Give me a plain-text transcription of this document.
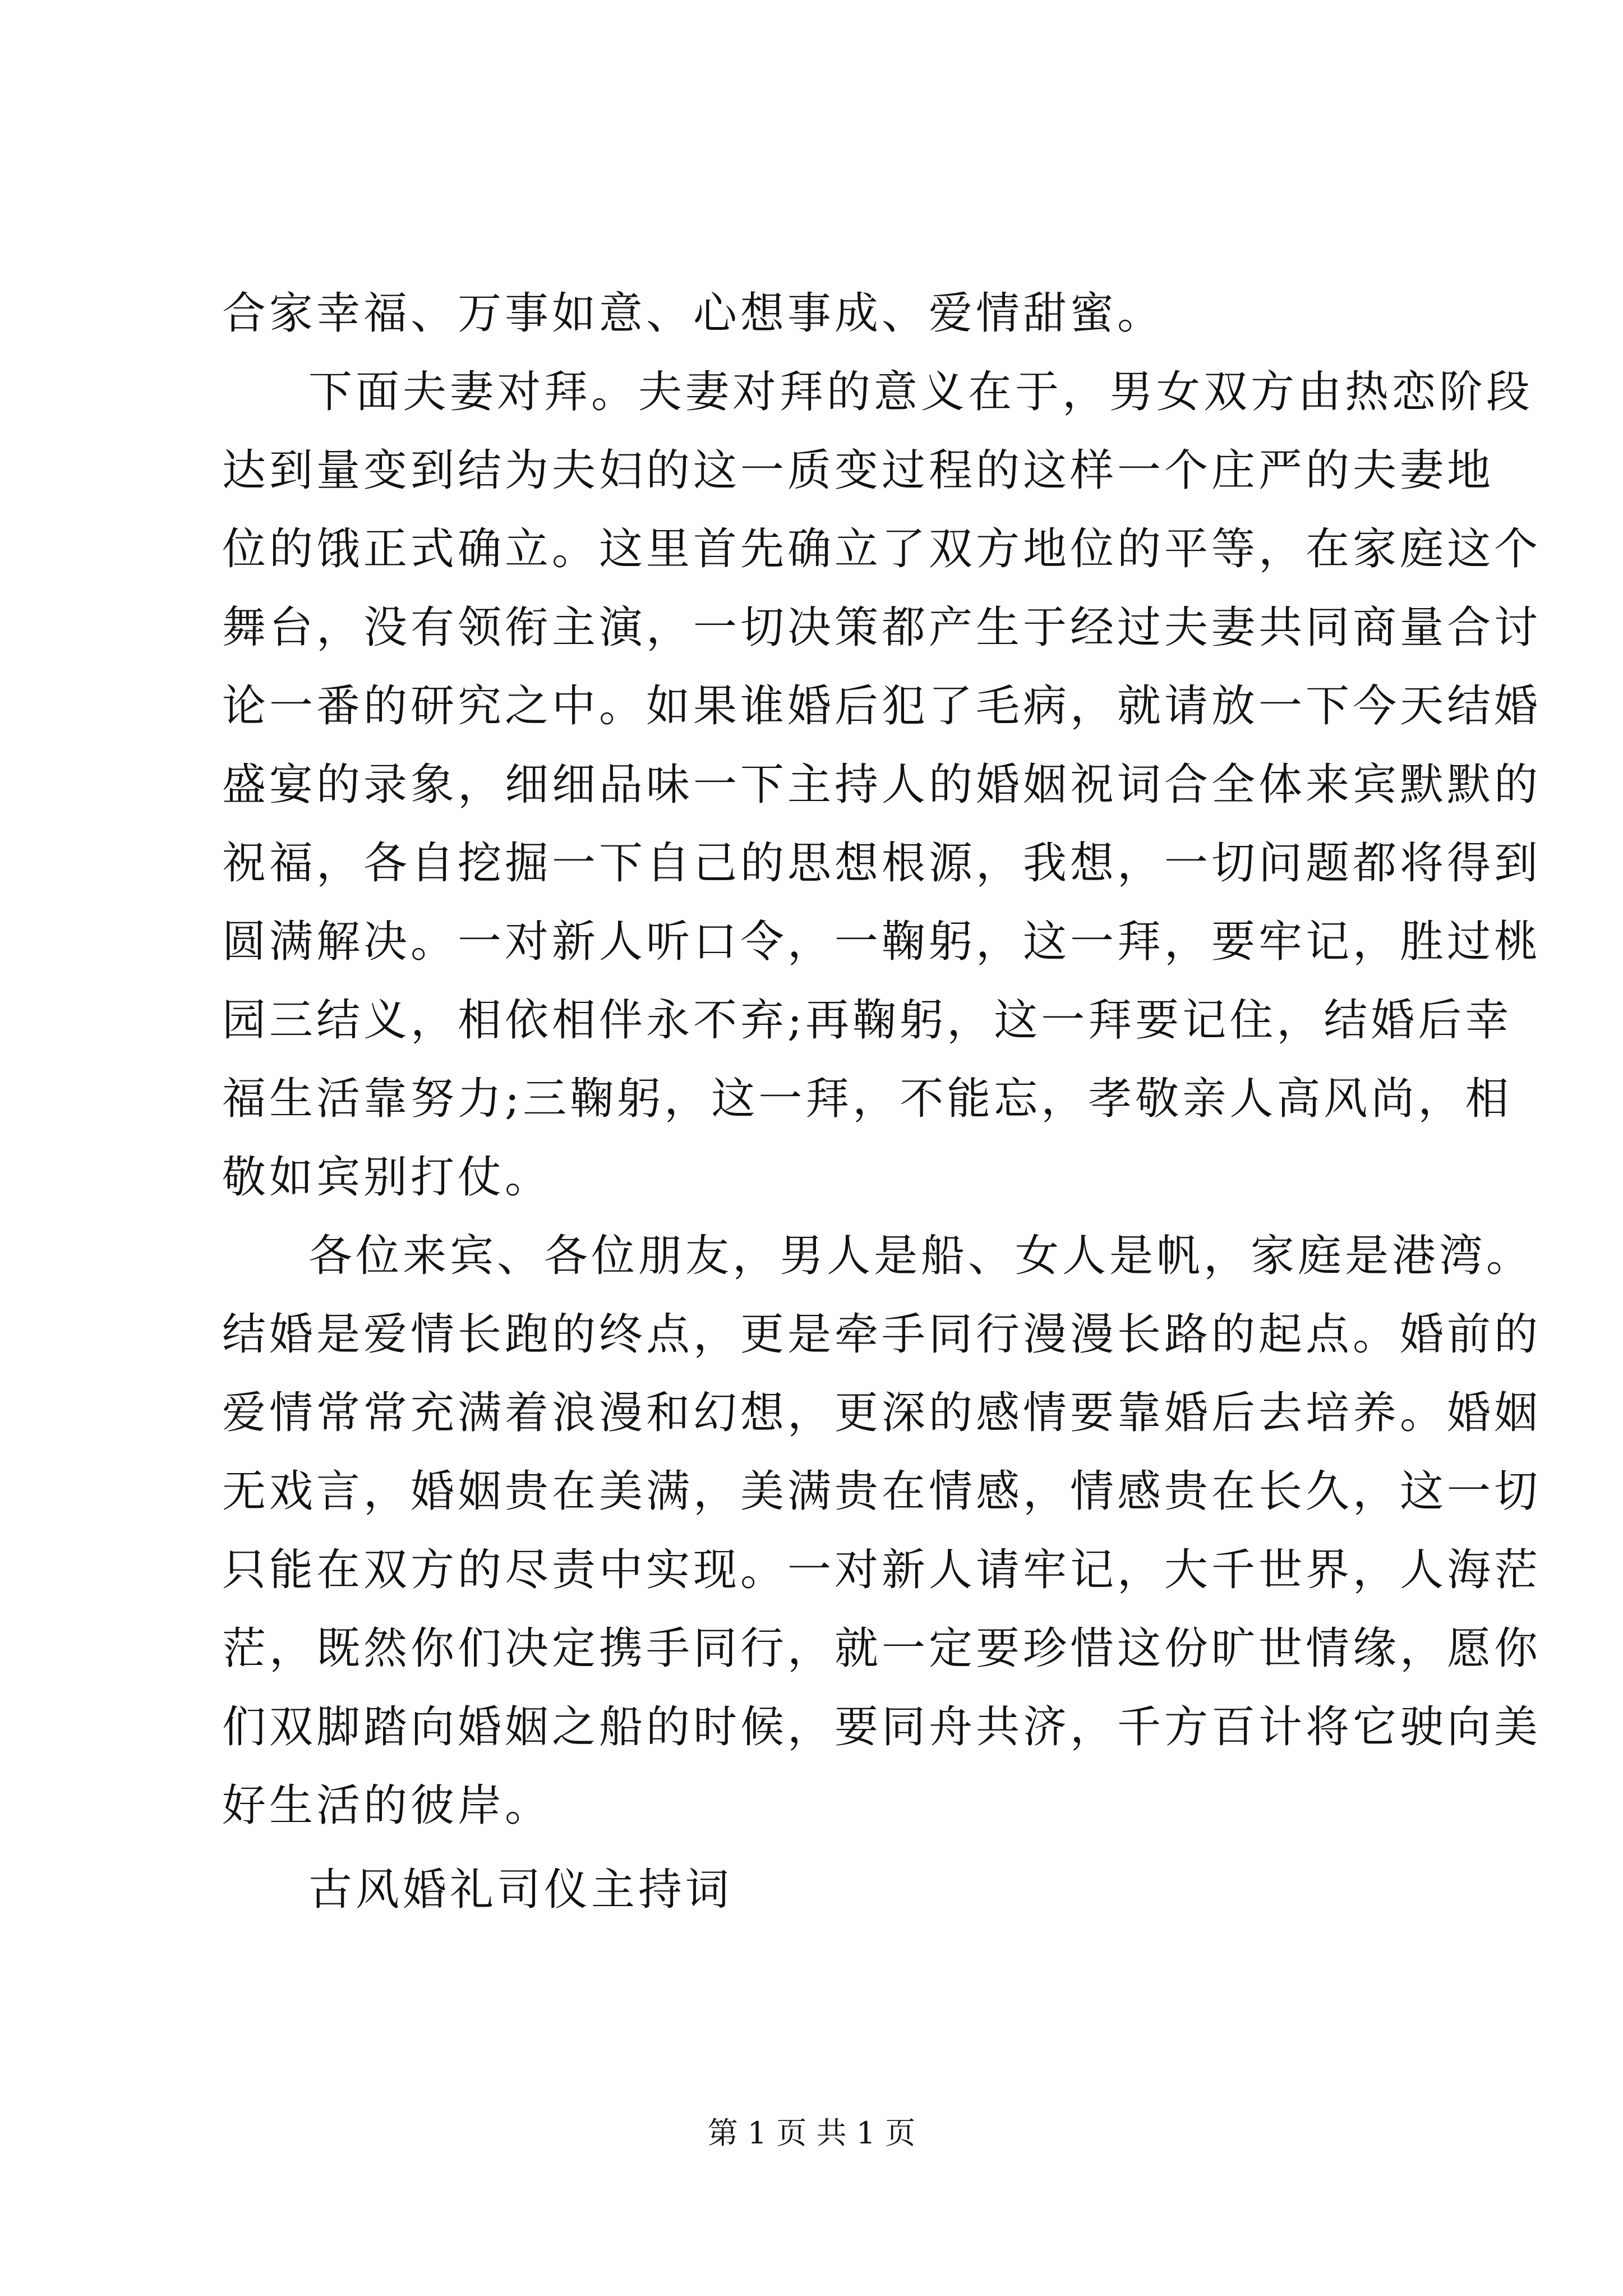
合家幸福、万事如意、心想事成、爱情甜蜜。
下面夫妻对拜。夫妻对拜的意义在于，男女双方由热恋阶段
达到量变到结为夫妇的这一质变过程的这样一个庄严的夫妻地
位的饿正式确立。这里首先确立了双方地位的平等，在家庭这个
舞台，没有领衔主演，一切决策都产生于经过夫妻共同商量合讨
论一番的研究之中。如果谁婚后犯了毛病，就请放一下今天结婚
盛宴的录象，细细品味一下主持人的婚姻祝词合全体来宾默默的
祝福，各自挖掘一下自己的思想根源，我想，一切问题都将得到
圆满解决。一对新人听口令，一鞠躬，这一拜，要牢记，胜过桃
园三结义，相依相伴永不弃;再鞠躬，这一拜要记住，结婚后幸
福生活靠努力;三鞠躬，这一拜，不能忘，孝敬亲人高风尚，相
敬如宾别打仗。
各位来宾、各位朋友，男人是船、女人是帆，家庭是港湾。
结婚是爱情长跑的终点，更是牵手同行漫漫长路的起点。婚前的
爱情常常充满着浪漫和幻想，更深的感情要靠婚后去培养。婚姻
无戏言，婚姻贵在美满，美满贵在情感，情感贵在长久，这一切
只能在双方的尽责中实现。一对新人请牢记，大千世界，人海茫
茫，既然你们决定携手同行，就一定要珍惜这份旷世情缘，愿你
们双脚踏向婚姻之船的时候，要同舟共济，千方百计将它驶向美
好生活的彼岸。
古风婚礼司仪主持词
第 1 页 共 1 页
